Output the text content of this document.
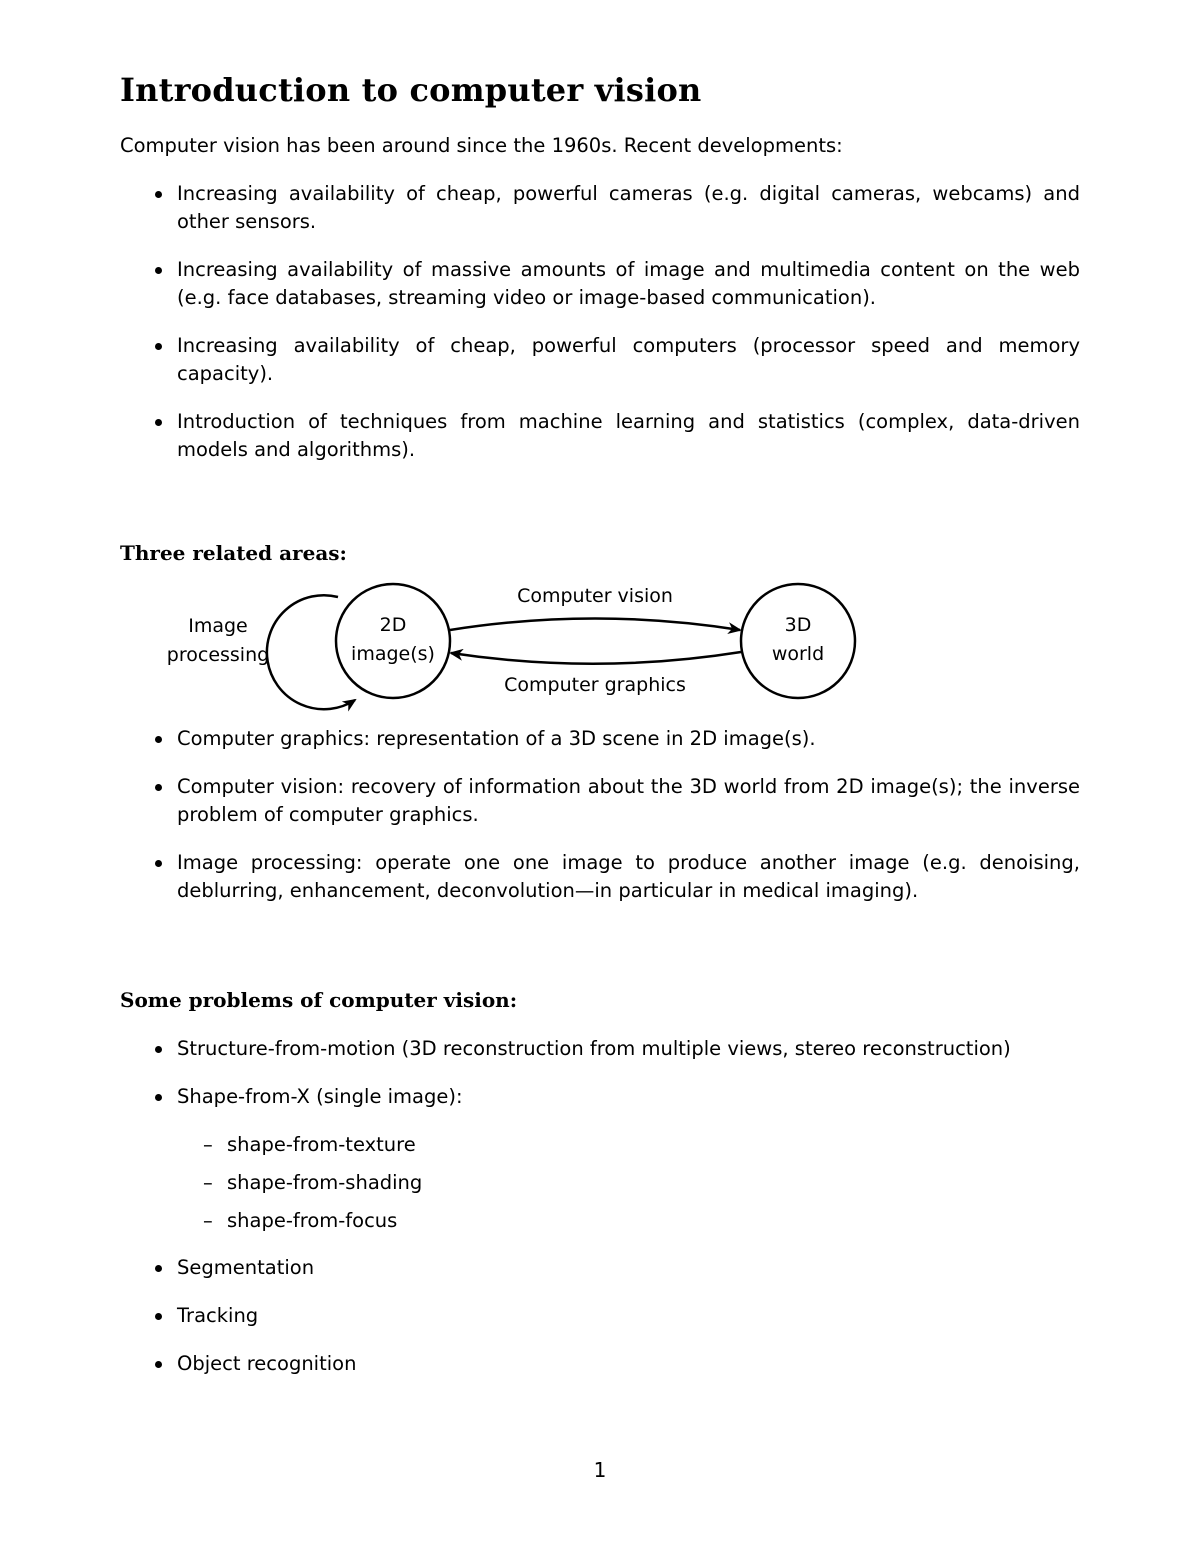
Introduction to computer vision
Computer vision has been around since the 1960s. Recent developments:
Increasing availability of cheap, powerful cameras (e.g. digital cameras, webcams) and other sensors.
Increasing availability of massive amounts of image and multimedia content on the web (e.g. face databases, streaming video or image-based communication).
Increasing availability of cheap, powerful computers (processor speed and memory capacity).
Introduction of techniques from machine learning and statistics (complex, data-driven models and algorithms).
Three related areas:
Image
processing
2D
image(s)
3D
world
Computer vision
Computer graphics
Computer graphics: representation of a 3D scene in 2D image(s).
Computer vision: recovery of information about the 3D world from 2D image(s); the inverse problem of computer graphics.
Image processing: operate one one image to produce another image (e.g. denoising, deblurring, enhancement, deconvolution—in particular in medical imaging).
Some problems of computer vision:
Structure-from-motion (3D reconstruction from multiple views, stereo reconstruction)
Shape-from-X (single image):
– shape-from-texture
– shape-from-shading
– shape-from-focus
Segmentation
Tracking
Object recognition
1
